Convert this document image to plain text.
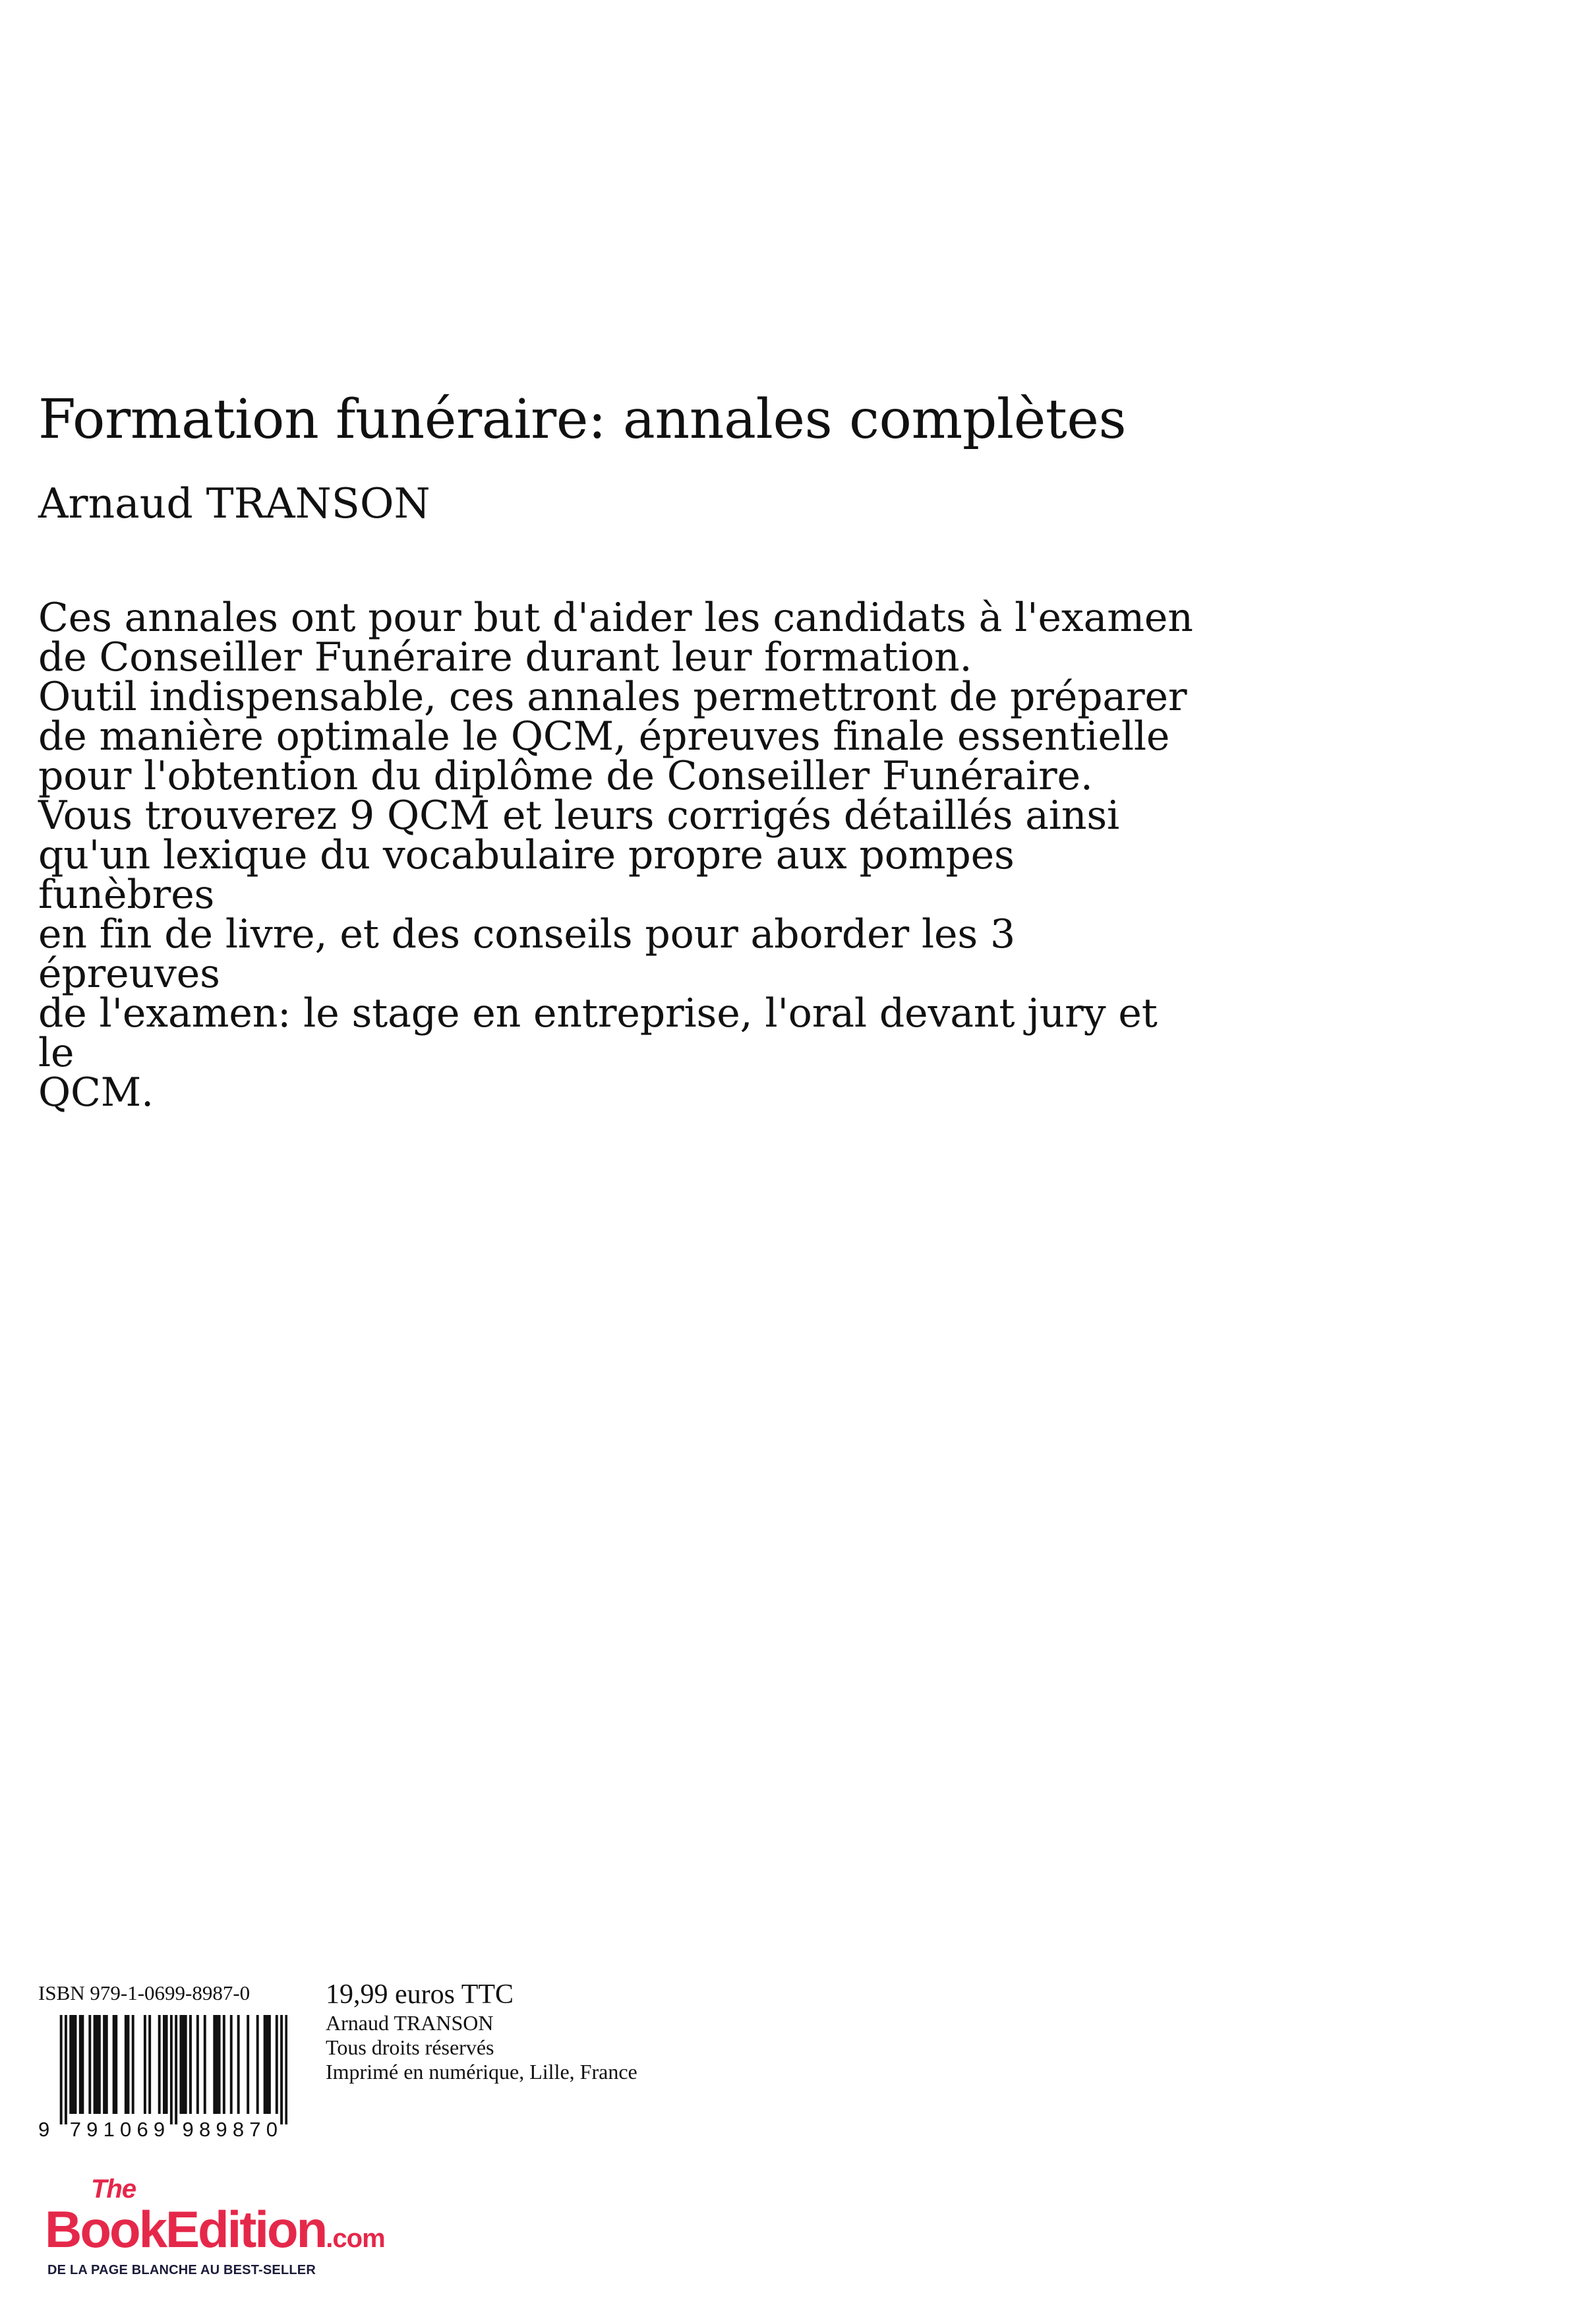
Formation funéraire: annales complètes

Arnaud TRANSON

Ces annales ont pour but d'aider les candidats à l'examen
de Conseiller Funéraire durant leur formation.
Outil indispensable, ces annales permettront de préparer
de manière optimale le QCM, épreuves finale essentielle
pour l'obtention du diplôme de Conseiller Funéraire.
Vous trouverez 9 QCM et leurs corrigés détaillés ainsi
qu'un lexique du vocabulaire propre aux pompes funèbres
en fin de livre, et des conseils pour aborder les 3 épreuves
de l'examen: le stage en entreprise, l'oral devant jury et le
QCM.

ISBN 979-1-0699-8987-0
9 7 9 1 0 6 9 9 8 9 8 7 0
19,99 euros TTC
Arnaud TRANSON
Tous droits réservés
Imprimé en numérique, Lille, France
The
BookEdition.com
DE LA PAGE BLANCHE AU BEST-SELLER
